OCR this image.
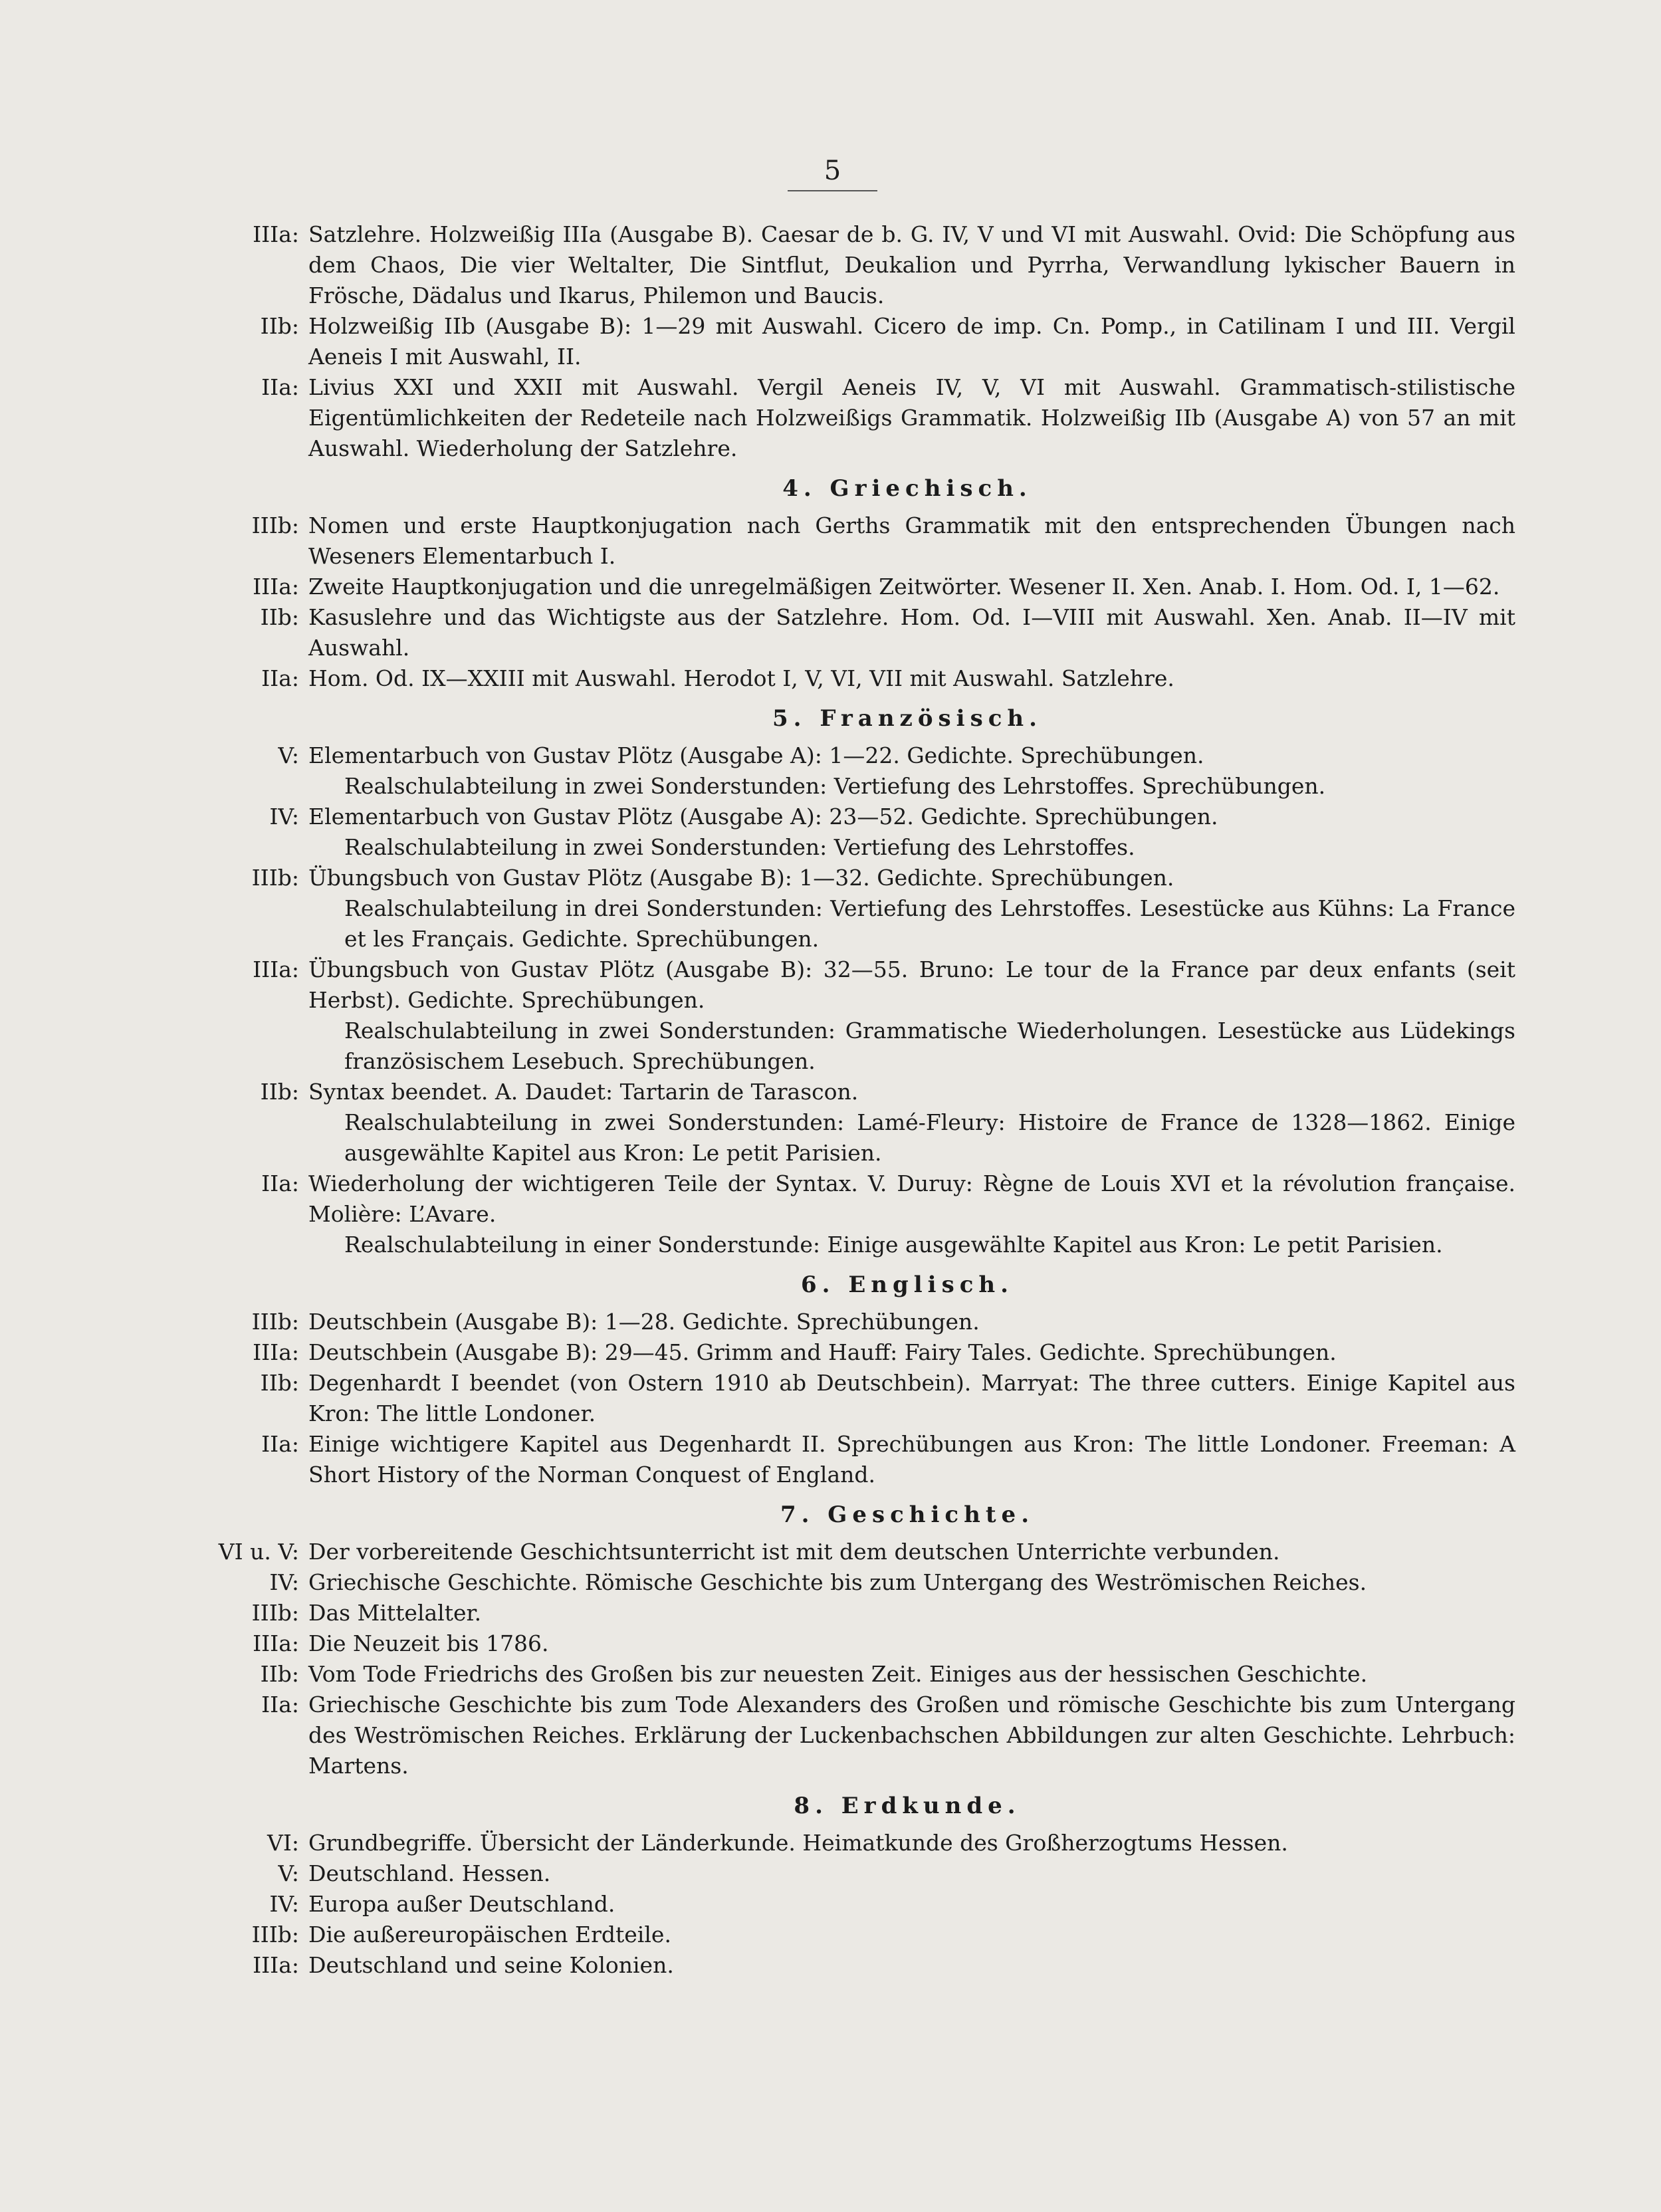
5
IIIa: Satzlehre. Holzweißig IIIa (Ausgabe B). Caesar de b. G. IV, V und VI mit Auswahl. Ovid: Die Schöpfung aus dem Chaos, Die vier Weltalter, Die Sintflut, Deukalion und Pyrrha, Verwandlung lykischer Bauern in Frösche, Dädalus und Ikarus, Philemon und Baucis.
IIb: Holzweißig IIb (Ausgabe B): 1—29 mit Auswahl. Cicero de imp. Cn. Pomp., in Catilinam I und III. Vergil Aeneis I mit Auswahl, II.
IIa: Livius XXI und XXII mit Auswahl. Vergil Aeneis IV, V, VI mit Auswahl. Grammatisch-stilistische Eigentümlichkeiten der Redeteile nach Holzweißigs Grammatik. Holzweißig IIb (Ausgabe A) von 57 an mit Auswahl. Wiederholung der Satzlehre.
4. Griechisch.
IIIb: Nomen und erste Hauptkonjugation nach Gerths Grammatik mit den entsprechenden Übungen nach Weseners Elementarbuch I.
IIIa: Zweite Hauptkonjugation und die unregelmäßigen Zeitwörter. Wesener II. Xen. Anab. I. Hom. Od. I, 1—62.
IIb: Kasuslehre und das Wichtigste aus der Satzlehre. Hom. Od. I—VIII mit Auswahl. Xen. Anab. II—IV mit Auswahl.
IIa: Hom. Od. IX—XXIII mit Auswahl. Herodot I, V, VI, VII mit Auswahl. Satzlehre.
5. Französisch.
V: Elementarbuch von Gustav Plötz (Ausgabe A): 1—22. Gedichte. Sprechübungen.
Realschulabteilung in zwei Sonderstunden: Vertiefung des Lehrstoffes. Sprechübungen.
IV: Elementarbuch von Gustav Plötz (Ausgabe A): 23—52. Gedichte. Sprechübungen.
Realschulabteilung in zwei Sonderstunden: Vertiefung des Lehrstoffes.
IIIb: Übungsbuch von Gustav Plötz (Ausgabe B): 1—32. Gedichte. Sprechübungen.
Realschulabteilung in drei Sonderstunden: Vertiefung des Lehrstoffes. Lesestücke aus Kühns: La France et les Français. Gedichte. Sprechübungen.
IIIa: Übungsbuch von Gustav Plötz (Ausgabe B): 32—55. Bruno: Le tour de la France par deux enfants (seit Herbst). Gedichte. Sprechübungen.
Realschulabteilung in zwei Sonderstunden: Grammatische Wiederholungen. Lesestücke aus Lüdekings französischem Lesebuch. Sprechübungen.
IIb: Syntax beendet. A. Daudet: Tartarin de Tarascon.
Realschulabteilung in zwei Sonderstunden: Lamé-Fleury: Histoire de France de 1328—1862. Einige ausgewählte Kapitel aus Kron: Le petit Parisien.
IIa: Wiederholung der wichtigeren Teile der Syntax. V. Duruy: Règne de Louis XVI et la révolution française. Molière: L’Avare.
Realschulabteilung in einer Sonderstunde: Einige ausgewählte Kapitel aus Kron: Le petit Parisien.
6. Englisch.
IIIb: Deutschbein (Ausgabe B): 1—28. Gedichte. Sprechübungen.
IIIa: Deutschbein (Ausgabe B): 29—45. Grimm and Hauff: Fairy Tales. Gedichte. Sprechübungen.
IIb: Degenhardt I beendet (von Ostern 1910 ab Deutschbein). Marryat: The three cutters. Einige Kapitel aus Kron: The little Londoner.
IIa: Einige wichtigere Kapitel aus Degenhardt II. Sprechübungen aus Kron: The little Londoner. Freeman: A Short History of the Norman Conquest of England.
7. Geschichte.
VI u. V: Der vorbereitende Geschichtsunterricht ist mit dem deutschen Unterrichte verbunden.
IV: Griechische Geschichte. Römische Geschichte bis zum Untergang des Weströmischen Reiches.
IIIb: Das Mittelalter.
IIIa: Die Neuzeit bis 1786.
IIb: Vom Tode Friedrichs des Großen bis zur neuesten Zeit. Einiges aus der hessischen Geschichte.
IIa: Griechische Geschichte bis zum Tode Alexanders des Großen und römische Geschichte bis zum Untergang des Weströmischen Reiches. Erklärung der Luckenbachschen Abbildungen zur alten Geschichte. Lehrbuch: Martens.
8. Erdkunde.
VI: Grundbegriffe. Übersicht der Länderkunde. Heimatkunde des Großherzogtums Hessen.
V: Deutschland. Hessen.
IV: Europa außer Deutschland.
IIIb: Die außereuropäischen Erdteile.
IIIa: Deutschland und seine Kolonien.
